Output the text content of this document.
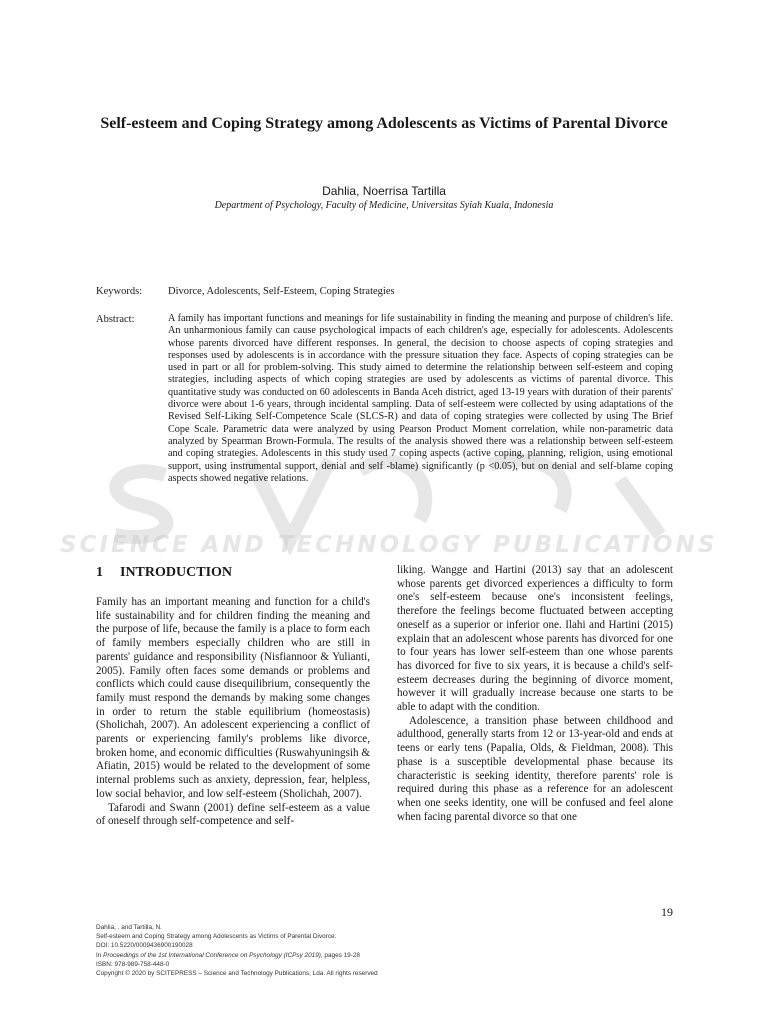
SCIENCE AND TECHNOLOGY PUBLICATIONS
Self-esteem and Coping Strategy among Adolescents as Victims of Parental Divorce
Dahlia, Noerrisa Tartilla
Department of Psychology, Faculty of Medicine, Universitas Syiah Kuala, Indonesia
Keywords: Divorce, Adolescents, Self-Esteem, Coping Strategies
Abstract:	A family has important functions and meanings for life sustainability in finding the meaning and purpose of children's life. An unharmonious family can cause psychological impacts of each children's age, especially for adolescents. Adolescents whose parents divorced have different responses. In general, the decision to choose aspects of coping strategies and responses used by adolescents is in accordance with the pressure situation they face. Aspects of coping strategies can be used in part or all for problem-solving. This study aimed to determine the relationship between self-esteem and coping strategies, including aspects of which coping strategies are used by adolescents as victims of parental divorce. This quantitative study was conducted on 60 adolescents in Banda Aceh district, aged 13-19 years with duration of their parents' divorce were about 1-6 years, through incidental sampling. Data of self-esteem were collected by using adaptations of the Revised Self-Liking Self-Competence Scale (SLCS-R) and data of coping strategies were collected by using The Brief Cope Scale. Parametric data were analyzed by using Pearson Product Moment correlation, while non-parametric data analyzed by Spearman Brown-Formula. The results of the analysis showed there was a relationship between self-esteem and coping strategies. Adolescents in this study used 7 coping aspects (active coping, planning, religion, using emotional support, using instrumental support, denial and self -blame) significantly (p <0.05), but on denial and self-blame coping aspects showed negative relations.

1 INTRODUCTION

Family has an important meaning and function for a child's life sustainability and for children finding the meaning and the purpose of life, because the family is a place to form each of family members especially children who are still in parents' guidance and responsibility (Nisfiannoor & Yulianti, 2005). Family often faces some demands or problems and conflicts which could cause disequilibrium, consequently the family must respond the demands by making some changes in order to return the stable equilibrium (homeostasis) (Sholichah, 2007). An adolescent experiencing a conflict of parents or experiencing family's problems like divorce, broken home, and economic difficulties (Ruswahyuningsih & Afiatin, 2015) would be related to the development of some internal problems such as anxiety, depression, fear, helpless, low social behavior, and low self-esteem (Sholichah, 2007).

Tafarodi and Swann (2001) define self-esteem as a value of oneself through self-competence and self-

liking. Wangge and Hartini (2013) say that an adolescent whose parents get divorced experiences a difficulty to form one's self-esteem because one's inconsistent feelings, therefore the feelings become fluctuated between accepting oneself as a superior or inferior one. Ilahi and Hartini (2015) explain that an adolescent whose parents has divorced for one to four years has lower self-esteem than one whose parents has divorced for five to six years, it is because a child's self-esteem decreases during the beginning of divorce moment, however it will gradually increase because one starts to be able to adapt with the condition.

Adolescence, a transition phase between childhood and adulthood, generally starts from 12 or 13-year-old and ends at teens or early tens (Papalia, Olds, & Fieldman, 2008). This phase is a susceptible developmental phase because its characteristic is seeking identity, therefore parents' role is required during this phase as a reference for an adolescent when one seeks identity, one will be confused and feel alone when facing parental divorce so that one

19
Dahlia, . and Tartilla, N.
Self-esteem and Coping Strategy among Adolescents as Victims of Parental Divorce.
DOI: 10.5220/0009436900190028
In Proceedings of the 1st International Conference on Psychology (ICPsy 2019), pages 19-28
ISBN: 978-989-758-448-0
Copyright © 2020 by SCITEPRESS – Science and Technology Publications, Lda. All rights reserved
